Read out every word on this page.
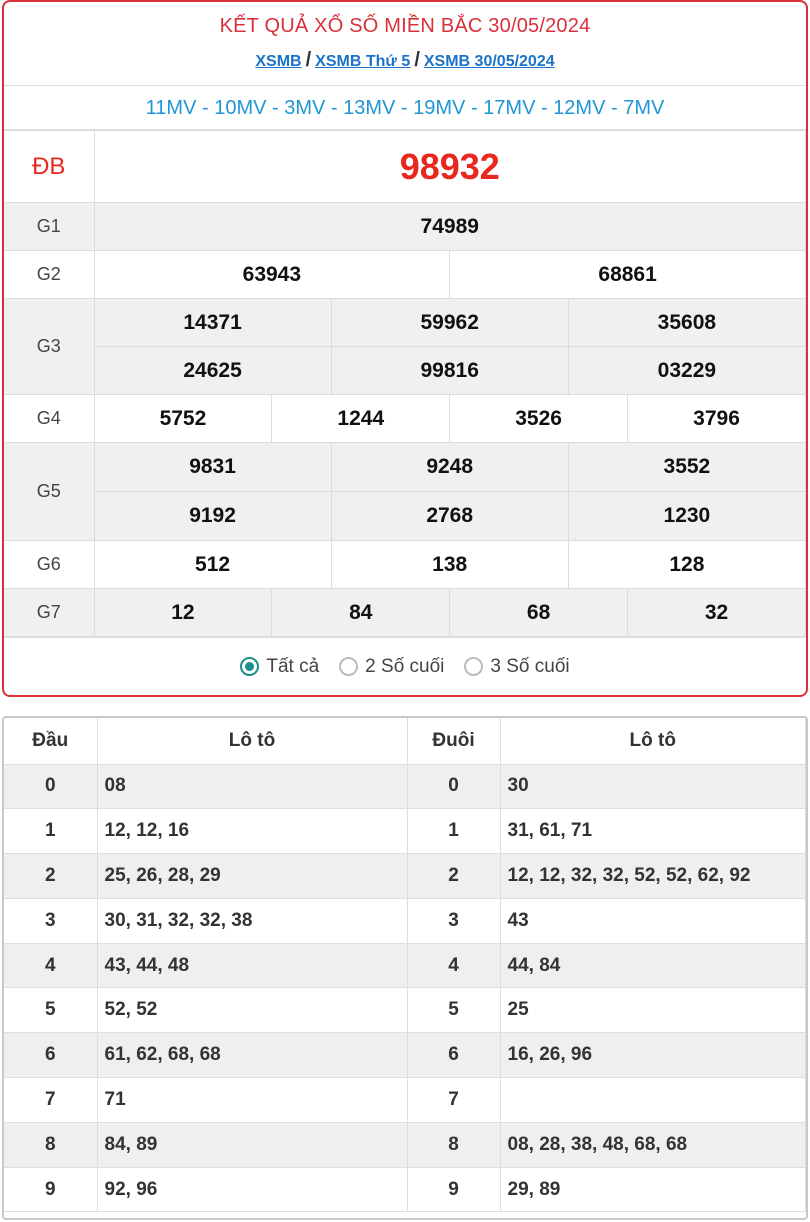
KẾT QUẢ XỔ SỐ MIỀN BẮC 30/05/2024
XSMB / XSMB Thứ 5 / XSMB 30/05/2024
11MV - 10MV - 3MV - 13MV - 19MV - 17MV - 12MV - 7MV
ĐB	98932					
G1	74989					
G2	63943			68861		
G3	14371		59962		35608	
	24625		99816		03229	
G4	5752	1244		3526		3796
G5	9831		9248		3552	
	9192		2768		1230	
G6	512		138		128	
G7	12	84		68		32
Tất cả 2 Số cuối 3 Số cuối
Đầu	Lô tô	Đuôi	Lô tô
0	08	0	30
1	12, 12, 16	1	31, 61, 71
2	25, 26, 28, 29	2	12, 12, 32, 32, 52, 52, 62, 92
3	30, 31, 32, 32, 38	3	43
4	43, 44, 48	4	44, 84
5	52, 52	5	25
6	61, 62, 68, 68	6	16, 26, 96
7	71	7	
8	84, 89	8	08, 28, 38, 48, 68, 68
9	92, 96	9	29, 89
